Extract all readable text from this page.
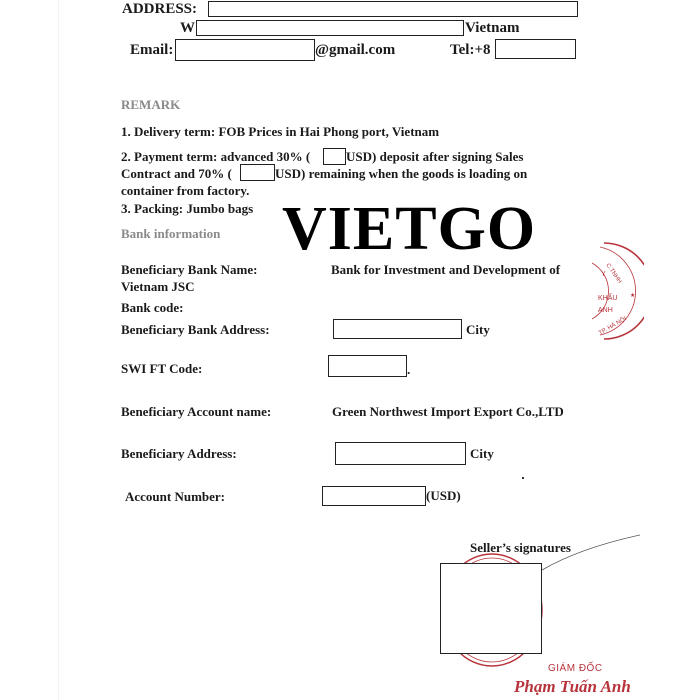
ADDRESS:
W	Vietnam
Email:	@gmail.com	Tel:+8
REMARK
1. Delivery term: FOB Prices in Hai Phong port, Vietnam
2. Payment term: advanced 30% (	USD) deposit after signing Sales
Contract and 70% (	USD) remaining when the goods is loading on
container from factory.
3. Packing: Jumbo bags VIETGO
Bank information
Beneficiary Bank Name:	Bank for Investment and Development of
Vietnam JSC
Bank code:
Beneficiary Bank Address:	City
SWI FT Code:	.
Beneficiary Account name:	Green Northwest Import Export Co.,LTD
Beneficiary Address:	City
Account Number:	(USD)
C.TNHH
Y
KHẨU
ANH
TP. HÀ NỘI
★
Seller’s signatures
GIÁM ĐỐC
Phạm Tuấn Anh
